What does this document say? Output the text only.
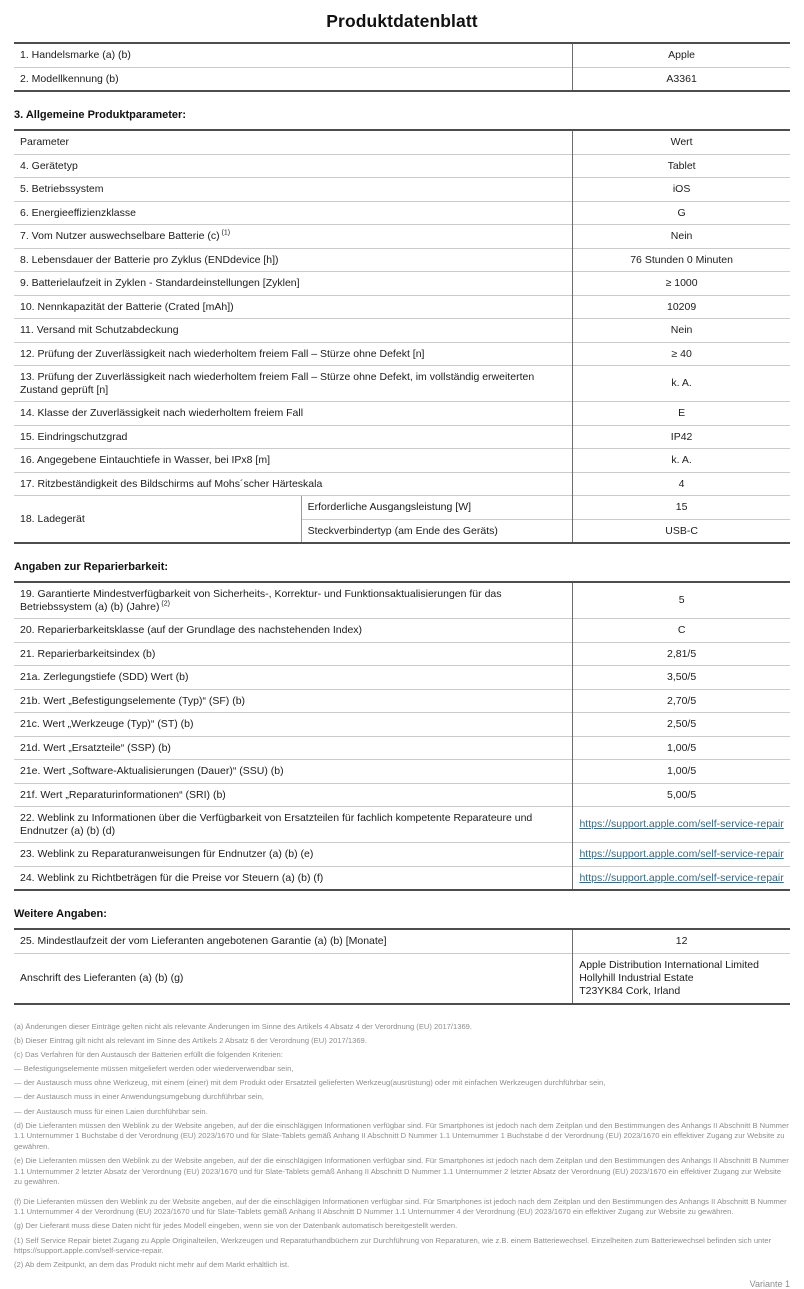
Produktdatenblatt
1. Handelsmarke (a) (b)	Apple
2. Modellkennung (b)	A3361
3. Allgemeine Produktparameter:
Parameter		Wert
4. Gerätetyp		Tablet
5. Betriebssystem		iOS
6. Energieeffizienzklasse		G
7. Vom Nutzer auswechselbare Batterie (c) $^{(1)}$		Nein
8. Lebensdauer der Batterie pro Zyklus (ENDdevice [h])		76 Stunden 0 Minuten
9. Batterielaufzeit in Zyklen - Standardeinstellungen [Zyklen]		≥ 1000
10. Nennkapazität der Batterie (Crated [mAh])		10209
11. Versand mit Schutzabdeckung		Nein
12. Prüfung der Zuverlässigkeit nach wiederholtem freiem Fall – Stürze ohne Defekt [n]		≥ 40
13. Prüfung der Zuverlässigkeit nach wiederholtem freiem Fall – Stürze ohne Defekt, im vollständig erweiterten Zustand geprüft [n]		k. A.
14. Klasse der Zuverlässigkeit nach wiederholtem freiem Fall		E
15. Eindringschutzgrad		IP42
16. Angegebene Eintauchtiefe in Wasser, bei IPx8 [m]		k. A.
17. Ritzbeständigkeit des Bildschirms auf Mohs´scher Härteskala		4
18. Ladegerät	Erforderliche Ausgangsleistung [W]	15
	Steckverbindertyp (am Ende des Geräts)	USB-C
Angaben zur Reparierbarkeit:
19. Garantierte Mindestverfügbarkeit von Sicherheits-, Korrektur- und Funktionsaktualisierungen für das Betriebssystem (a) (b) (Jahre) $^{(2)}$	5
20. Reparierbarkeitsklasse (auf der Grundlage des nachstehenden Index)	C
21. Reparierbarkeitsindex (b)	2,81/5
21a. Zerlegungstiefe (SDD) Wert (b)	3,50/5
21b. Wert „Befestigungselemente (Typ)“ (SF) (b)	2,70/5
21c. Wert „Werkzeuge (Typ)“ (ST) (b)	2,50/5
21d. Wert „Ersatzteile“ (SSP) (b)	1,00/5
21e. Wert „Software-Aktualisierungen (Dauer)“ (SSU) (b)	1,00/5
21f. Wert „Reparaturinformationen“ (SRI) (b)	5,00/5
22. Weblink zu Informationen über die Verfügbarkeit von Ersatzteilen für fachlich kompetente Reparateure und Endnutzer (a) (b) (d)	https://support.apple.com/self-service-repair
23. Weblink zu Reparaturanweisungen für Endnutzer (a) (b) (e)	https://support.apple.com/self-service-repair
24. Weblink zu Richtbeträgen für die Preise vor Steuern (a) (b) (f)	https://support.apple.com/self-service-repair
Weitere Angaben:
25. Mindestlaufzeit der vom Lieferanten angebotenen Garantie (a) (b) [Monate]	12
Anschrift des Lieferanten (a) (b) (g)	Apple Distribution International Limited
Hollyhill Industrial Estate
T23YK84 Cork, Irland
(a) Änderungen dieser Einträge gelten nicht als relevante Änderungen im Sinne des Artikels 4 Absatz 4 der Verordnung (EU) 2017/1369.
(b) Dieser Eintrag gilt nicht als relevant im Sinne des Artikels 2 Absatz 6 der Verordnung (EU) 2017/1369.
(c) Das Verfahren für den Austausch der Batterien erfüllt die folgenden Kriterien:
— Befestigungselemente müssen mitgeliefert werden oder wiederverwendbar sein,
— der Austausch muss ohne Werkzeug, mit einem (einer) mit dem Produkt oder Ersatzteil gelieferten Werkzeug(ausrüstung) oder mit einfachen Werkzeugen durchführbar sein,
— der Austausch muss in einer Anwendungsumgebung durchführbar sein,
— der Austausch muss für einen Laien durchführbar sein.
(d) Die Lieferanten müssen den Weblink zu der Website angeben, auf der die einschlägigen Informationen verfügbar sind. Für Smartphones ist jedoch nach dem Zeitplan und den Bestimmungen des Anhangs II Abschnitt B Nummer 1.1 Unternummer 1 Buchstabe d der Verordnung (EU) 2023/1670 und für Slate-Tablets gemäß Anhang II Abschnitt D Nummer 1.1 Unternummer 1 Buchstabe d der Verordnung (EU) 2023/1670 ein effektiver Zugang zur Website zu gewähren.
(e) Die Lieferanten müssen den Weblink zu der Website angeben, auf der die einschlägigen Informationen verfügbar sind. Für Smartphones ist jedoch nach dem Zeitplan und den Bestimmungen des Anhangs II Abschnitt B Nummer 1.1 Unternummer 2 letzter Absatz der Verordnung (EU) 2023/1670 und für Slate-Tablets gemäß Anhang II Abschnitt D Nummer 1.1 Unternummer 2 letzter Absatz der Verordnung (EU) 2023/1670 ein effektiver Zugang zur Website zu gewähren.
(f) Die Lieferanten müssen den Weblink zu der Website angeben, auf der die einschlägigen Informationen verfügbar sind. Für Smartphones ist jedoch nach dem Zeitplan und den Bestimmungen des Anhangs II Abschnitt B Nummer 1.1 Unternummer 4 der Verordnung (EU) 2023/1670 und für Slate-Tablets gemäß Anhang II Abschnitt D Nummer 1.1 Unternummer 4 der Verordnung (EU) 2023/1670 ein effektiver Zugang zur Website zu gewähren.
(g) Der Lieferant muss diese Daten nicht für jedes Modell eingeben, wenn sie von der Datenbank automatisch bereitgestellt werden.
(1) Self Service Repair bietet Zugang zu Apple Originalteilen, Werkzeugen und Reparaturhandbüchern zur Durchführung von Reparaturen, wie z.B. einem Batteriewechsel. Einzelheiten zum Batteriewechsel befinden sich unter https://support.apple.com/self-service-repair.
(2) Ab dem Zeitpunkt, an dem das Produkt nicht mehr auf dem Markt erhältlich ist.
Variante 1
